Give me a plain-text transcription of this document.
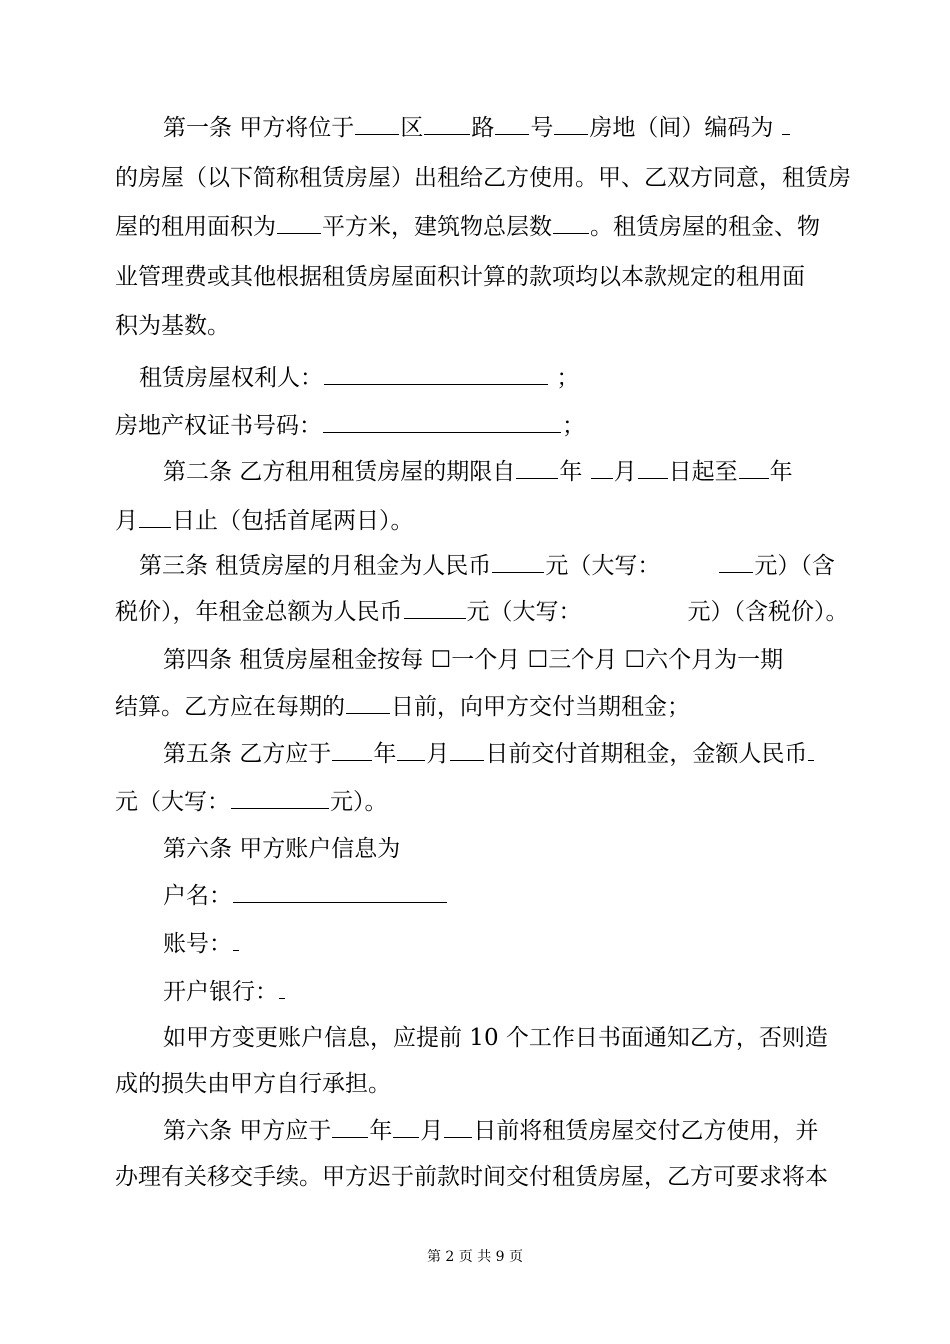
第一条 甲方将位于 区 路 号 房地（间）编码为
的房屋（以下简称租赁房屋）出租给乙方使用。甲、乙双方同意，租赁房
屋的租用面积为 平方米，建筑物总层数 。租赁房屋的租金、物
业管理费或其他根据租赁房屋面积计算的款项均以本款规定的租用面
积为基数。
租赁房屋权利人：	；
房地产权证书号码：	；
第二条 乙方租用租赁房屋的期限自 年 月 日起至 年
月 日止（包括首尾两日）。
第三条 租赁房屋的月租金为人民币 元（大写：	元）（含
税价），年租金总额为人民币	元（大写：	元）（含税价）。
第四条 租赁房屋租金按每 ☐一个月 ☐三个月 ☐六个月为一期
结算。乙方应在每期的 日前，向甲方交付当期租金；
第五条 乙方应于 年 月 日前交付首期租金，金额人民币
元（大写：	元）。
第六条 甲方账户信息为
户名：
账号：
开户银行：
如甲方变更账户信息，应提前 10 个工作日书面通知乙方，否则造
成的损失由甲方自行承担。
第六条 甲方应于 年 月 日前将租赁房屋交付乙方使用，并
办理有关移交手续。甲方迟于前款时间交付租赁房屋，乙方可要求将本
第 2 页 共 9 页
